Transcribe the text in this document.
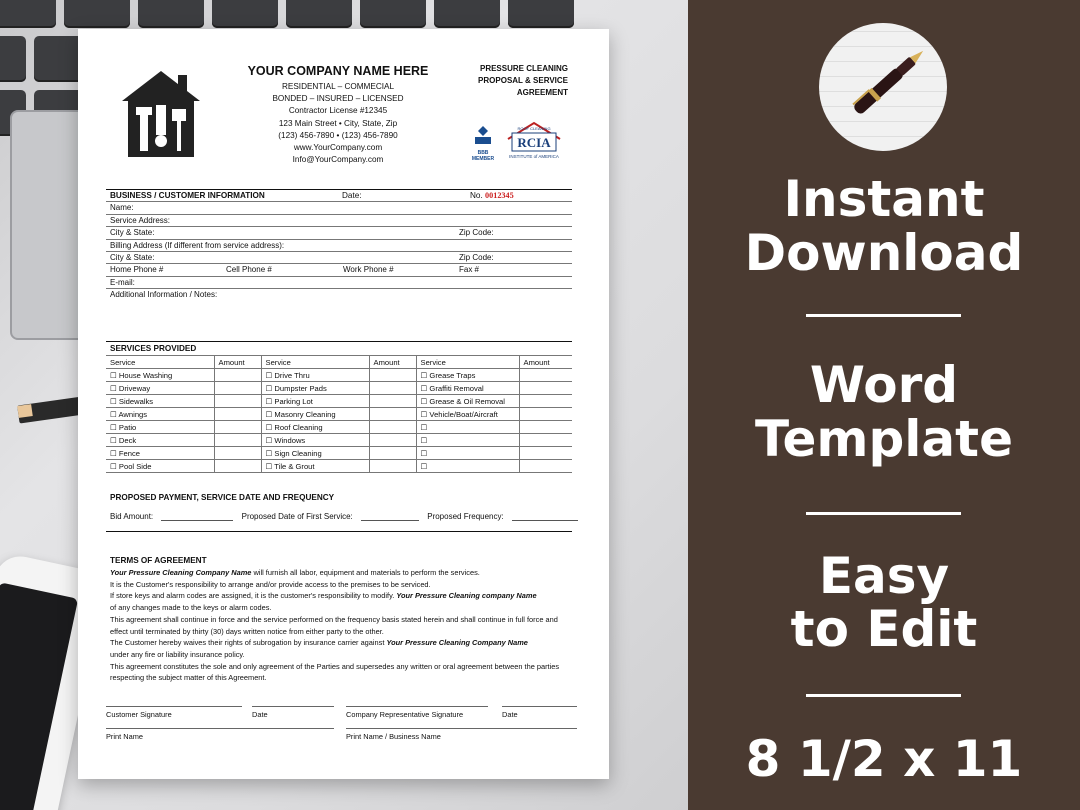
YOUR COMPANY NAME HERE
RESIDENTIAL – COMMECIAL
BONDED – INSURED – LICENSED
Contractor License #12345
123 Main Street • City, State, Zip
(123) 456-7890 • (123) 456-7890
www.YourCompany.com
Info@YourCompany.com
PRESSURE CLEANING
PROPOSAL & SERVICE
AGREEMENT
BBB
MEMBER
RCIA
ROOF CLEANING
INSTITUTE of AMERICA
BUSINESS / CUSTOMER INFORMATION	Date:	No. 0012345
Name:
Service Address:
City & State:	Zip Code:
Billing Address (If different from service address):
City & State:	Zip Code:
Home Phone #	Cell Phone #	Work Phone #	Fax #
E-mail:
Additional Information / Notes:
SERVICES PROVIDED
Service	Amount	Service	Amount	Service	Amount
☐ House Washing		☐ Drive Thru		☐ Grease Traps	
☐ Driveway		☐ Dumpster Pads		☐ Graffiti Removal	
☐ Sidewalks		☐ Parking Lot		☐ Grease & Oil Removal	
☐ Awnings		☐ Masonry Cleaning		☐ Vehicle/Boat/Aircraft	
☐ Patio		☐ Roof Cleaning		☐	
☐ Deck		☐ Windows		☐	
☐ Fence		☐ Sign Cleaning		☐	
☐ Pool Side		☐ Tile & Grout		☐	
PROPOSED PAYMENT, SERVICE DATE AND FREQUENCY
Bid Amount:	Proposed Date of First Service:	Proposed Frequency:
TERMS OF AGREEMENT

Your Pressure Cleaning Company Name will furnish all labor, equipment and materials to perform the services.

It is the Customer's responsibility to arrange and/or provide access to the premises to be serviced.

If store keys and alarm codes are assigned, it is the customer's responsibility to modify. Your Pressure Cleaning company Name
of any changes made to the keys or alarm codes.

This agreement shall continue in force and the service performed on the frequency basis stated herein and shall continue in full force and effect until terminated by thirty (30) days written notice from either party to the other.

The Customer hereby waives their rights of subrogation by insurance carrier against Your Pressure Cleaning Company Name
under any fire or liability insurance policy.

This agreement constitutes the sole and only agreement of the Parties and supersedes any written or oral agreement between the parties respecting the subject matter of this Agreement.

Customer Signature	Date	Company Representative Signature	Date
Print Name	Print Name / Business Name
Instant
Download
Word
Template
Easy
to Edit
8 1/2 x 11
